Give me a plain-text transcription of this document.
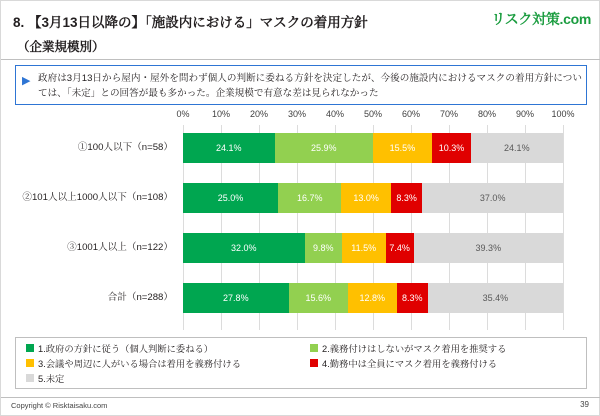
8. 【3月13日以降の】「施設内における」マスクの着用方針
（企業規模別）
リスク対策.com
▶ 政府は3月13日から屋内・屋外を問わず個人の判断に委ねる方針を決定したが、今後の施設内におけるマスクの着用方針については、「未定」との回答が最も多かった。企業規模で有意な差は見られなかった
0% 10% 20% 30% 40% 50% 60% 70% 80% 90% 100%
①100人以下（n=58）	24.1%	25.9%	15.5%	10.3%	24.1%
②101人以上1000人以下（n=108）	25.0%	16.7%	13.0%	8.3%	37.0%
③1001人以上（n=122）	32.0%	9.8%	11.5%	7.4%	39.3%
合計（n=288）	27.8%	15.6%	12.8%	8.3%	35.4%
1.政府の方針に従う（個人判断に委ねる）	2.義務付けはしないがマスク着用を推奨する
3.会議や周辺に人がいる場合は着用を義務付ける	4.勤務中は全員にマスク着用を義務付ける
5.未定
Copyright © Risktaisaku.com	39
